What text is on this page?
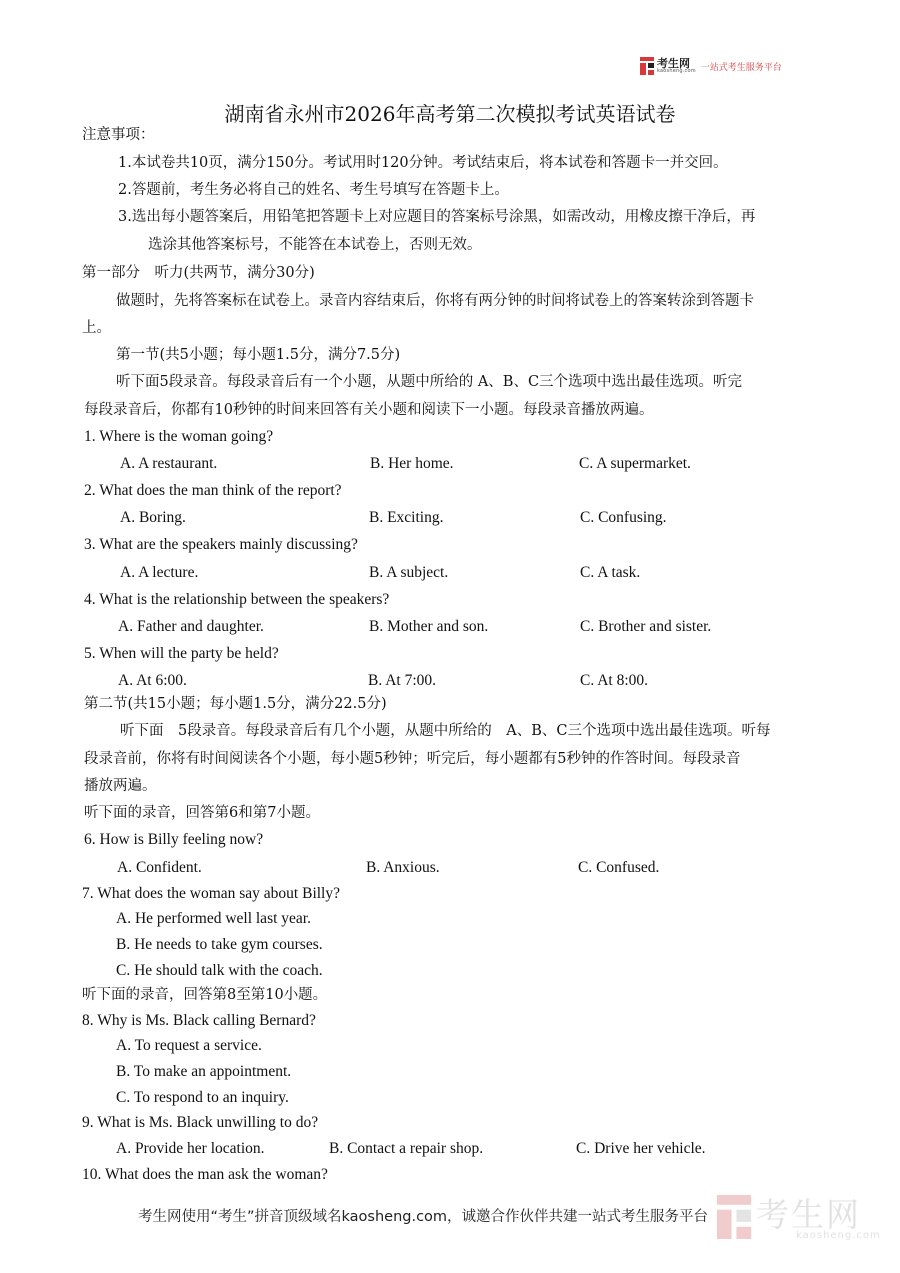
考生网
kaosheng.com 一站式考生服务平台
湖南省永州市2026年高考第二次模拟考试英语试卷
注意事项：
1.本试卷共10页，满分150分。考试用时120分钟。考试结束后，将本试卷和答题卡一并交回。
2.答题前，考生务必将自己的姓名、考生号填写在答题卡上。
3.选出每小题答案后，用铅笔把答题卡上对应题目的答案标号涂黑，如需改动，用橡皮擦干净后，再
选涂其他答案标号，不能答在本试卷上，否则无效。
第一部分　听力(共两节，满分30分)
做题时，先将答案标在试卷上。录音内容结束后，你将有两分钟的时间将试卷上的答案转涂到答题卡
上。
第一节(共5小题；每小题1.5分，满分7.5分)
听下面5段录音。每段录音后有一个小题，从题中所给的 A、B、C三个选项中选出最佳选项。听完
每段录音后，你都有10秒钟的时间来回答有关小题和阅读下一小题。每段录音播放两遍。
1. Where is the woman going?
A. A restaurant.	B. Her home.	C. A supermarket.
2. What does the man think of the report?
A. Boring.	B. Exciting.	C. Confusing.
3. What are the speakers mainly discussing?
A. A lecture.	B. A subject.	C. A task.
4. What is the relationship between the speakers?
A. Father and daughter.	B. Mother and son.	C. Brother and sister.
5. When will the party be held?
A. At 6:00.	B. At 7:00.	C. At 8:00.
第二节(共15小题；每小题1.5分，满分22.5分)
听下面　5段录音。每段录音后有几个小题，从题中所给的　A、B、C三个选项中选出最佳选项。听每
段录音前，你将有时间阅读各个小题，每小题5秒钟；听完后，每小题都有5秒钟的作答时间。每段录音
播放两遍。
听下面的录音，回答第6和第7小题。
6. How is Billy feeling now?
A. Confident.	B. Anxious.	C. Confused.
7. What does the woman say about Billy?
A. He performed well last year.
B. He needs to take gym courses.
C. He should talk with the coach.
听下面的录音，回答第8至第10小题。
8. Why is Ms. Black calling Bernard?
A. To request a service.
B. To make an appointment.
C. To respond to an inquiry.
9. What is Ms. Black unwilling to do?
A. Provide her location.	B. Contact a repair shop.	C. Drive her vehicle.
10. What does the man ask the woman?
考生网使用“考生”拼音顶级域名kaosheng.com，诚邀合作伙伴共建一站式考生服务平台 考生网
kaosheng.com
